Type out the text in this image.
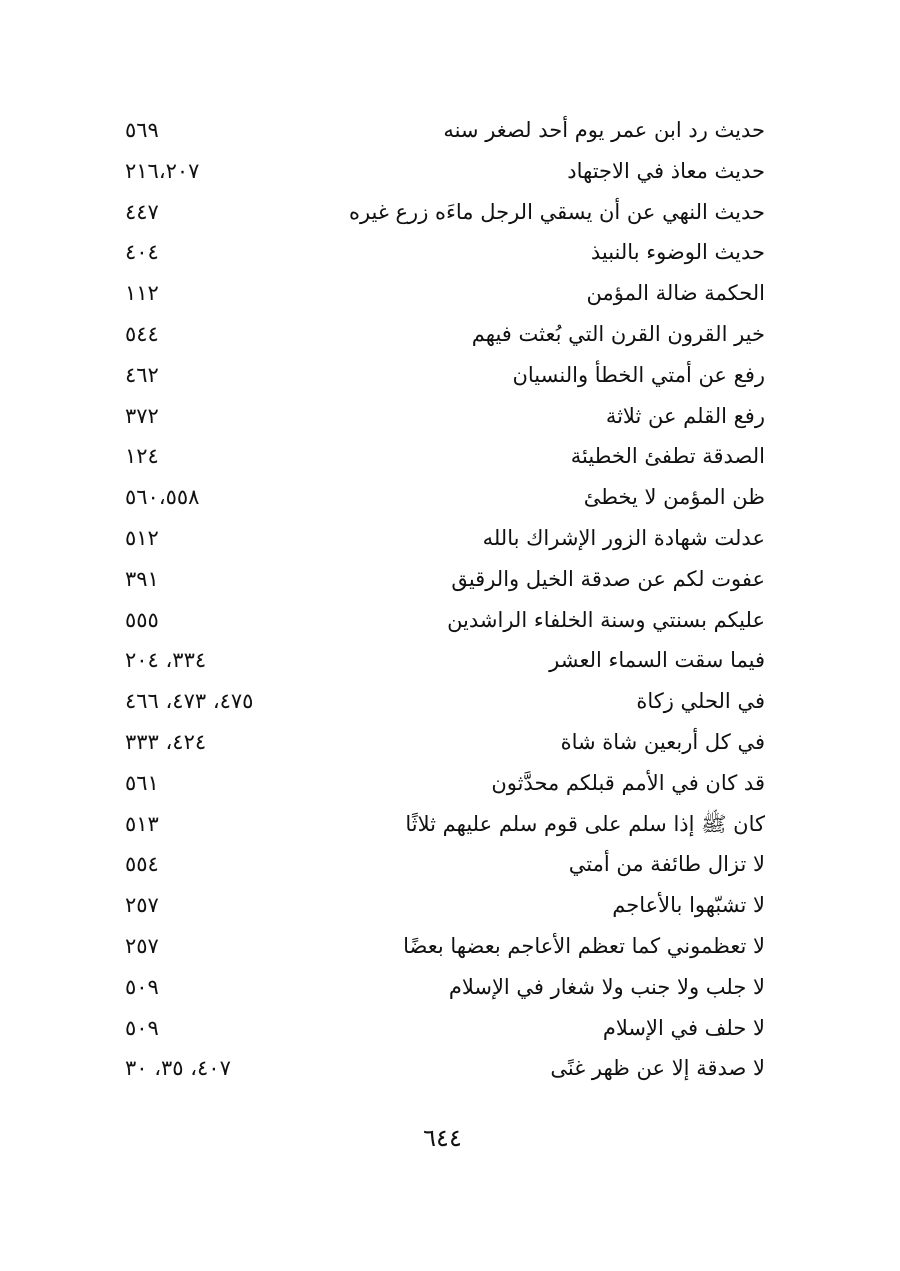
حديث رد ابن عمر يوم أحد لصغر سنه
٥٦٩
حديث معاذ في الاجتهاد
٢١٦،٢٠٧
حديث النهي عن أن يسقي الرجل ماءَه زرع غيره
٤٤٧
حديث الوضوء بالنبيذ
٤٠٤
الحكمة ضالة المؤمن
١١٢
خير القرون القرن التي بُعثت فيهم
٥٤٤
رفع عن أمتي الخطأ والنسيان
٤٦٢
رفع القلم عن ثلاثة
٣٧٢
الصدقة تطفئ الخطيئة
١٢٤
ظن المؤمن لا يخطئ
٥٦٠،٥٥٨
عدلت شهادة الزور الإشراك بالله
٥١٢
عفوت لكم عن صدقة الخيل والرقيق
٣٩١
عليكم بسنتي وسنة الخلفاء الراشدين
٥٥٥
فيما سقت السماء العشر
٣٣٤، ٢٠٤
في الحلي زكاة
٤٧٥، ٤٧٣، ٤٦٦
في كل أربعين شاة شاة
٤٢٤، ٣٣٣
قد كان في الأمم قبلكم محدَّثون
٥٦١
كان ﷺ إذا سلم على قوم سلم عليهم ثلاثًا
٥١٣
لا تزال طائفة من أمتي
٥٥٤
لا تشبّهوا بالأعاجم
٢٥٧
لا تعظموني كما تعظم الأعاجم بعضها بعضًا
٢٥٧
لا جلب ولا جنب ولا شغار في الإسلام
٥٠٩
لا حلف في الإسلام
٥٠٩
لا صدقة إلا عن ظهر غنًى
٤٠٧، ٣٥، ٣٠
٦٤٤
